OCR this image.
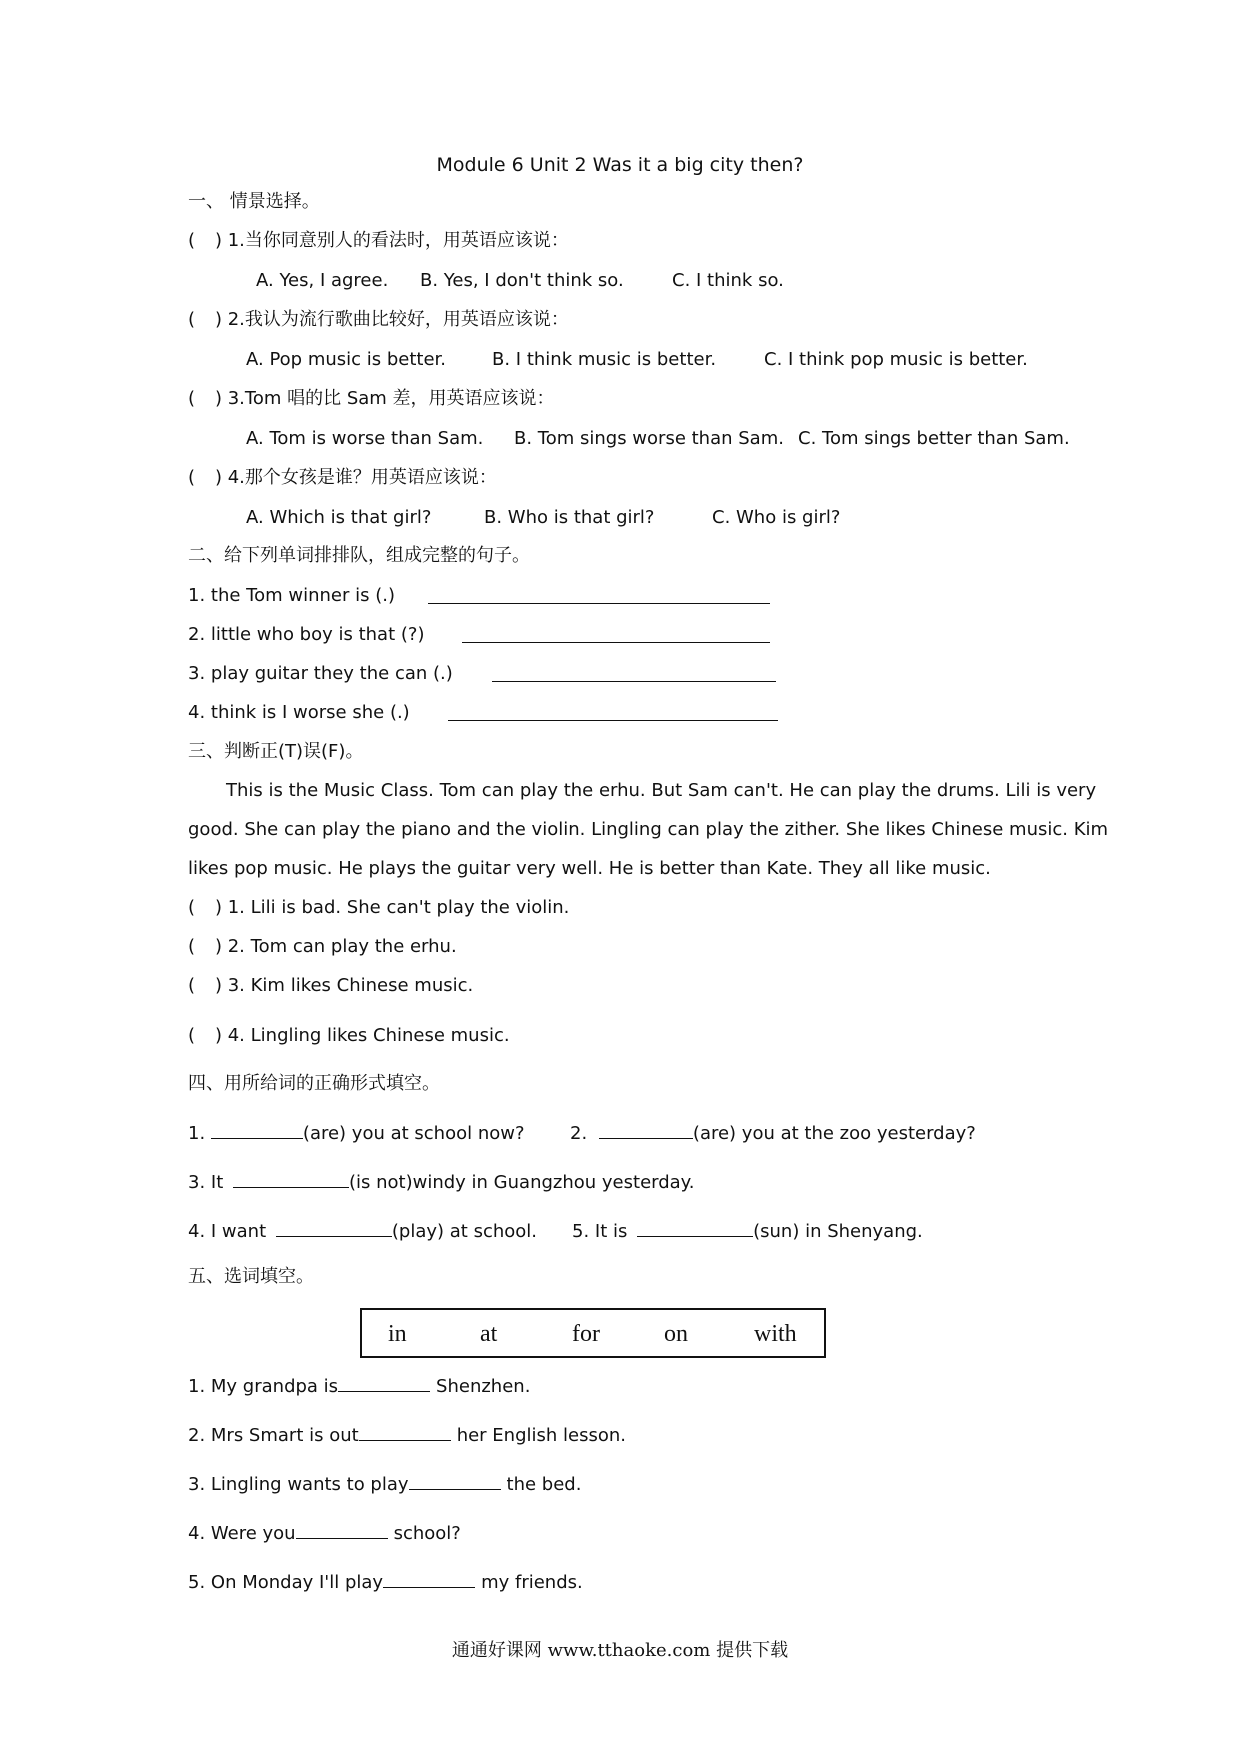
Module 6 Unit 2 Was it a big city then?
一、 情景选择。
( ) 1.当你同意别人的看法时，用英语应该说：
A. Yes, I agree. B. Yes, I don't think so.	C. I think so.
( ) 2.我认为流行歌曲比较好，用英语应该说：
A. Pop music is better.	B. I think music is better.	C. I think pop music is better.
( ) 3.Tom 唱的比 Sam 差，用英语应该说：
A. Tom is worse than Sam. B. Tom sings worse than Sam. C. Tom sings better than Sam.
( ) 4.那个女孩是谁？用英语应该说：
A. Which is that girl?	B. Who is that girl?	C. Who is girl?
二、给下列单词排排队，组成完整的句子。
1. the Tom winner is (.)
2. little who boy is that (?)
3. play guitar they the can (.)
4. think is I worse she (.)
三、判断正(T)误(F)。
This is the Music Class. Tom can play the erhu. But Sam can't. He can play the drums. Lili is very
good. She can play the piano and the violin. Lingling can play the zither. She likes Chinese music. Kim
likes pop music. He plays the guitar very well. He is better than Kate. They all like music.
( ) 1. Lili is bad. She can't play the violin.
( ) 2. Tom can play the erhu.
( ) 3. Kim likes Chinese music.
( ) 4. Lingling likes Chinese music.
四、用所给词的正确形式填空。
1.	(are) you at school now?	2.	(are) you at the zoo yesterday?
3. It	(is not)windy in Guangzhou yesterday.
4. I want	(play) at school. 5. It is	(sun) in Shenyang.
五、选词填空。
in	at	for	on	with
1. My grandpa is	Shenzhen.
2. Mrs Smart is out	her English lesson.
3. Lingling wants to play	the bed.
4. Were you	school?
5. On Monday I'll play	my friends.
通通好课网 www.tthaoke.com 提供下载
